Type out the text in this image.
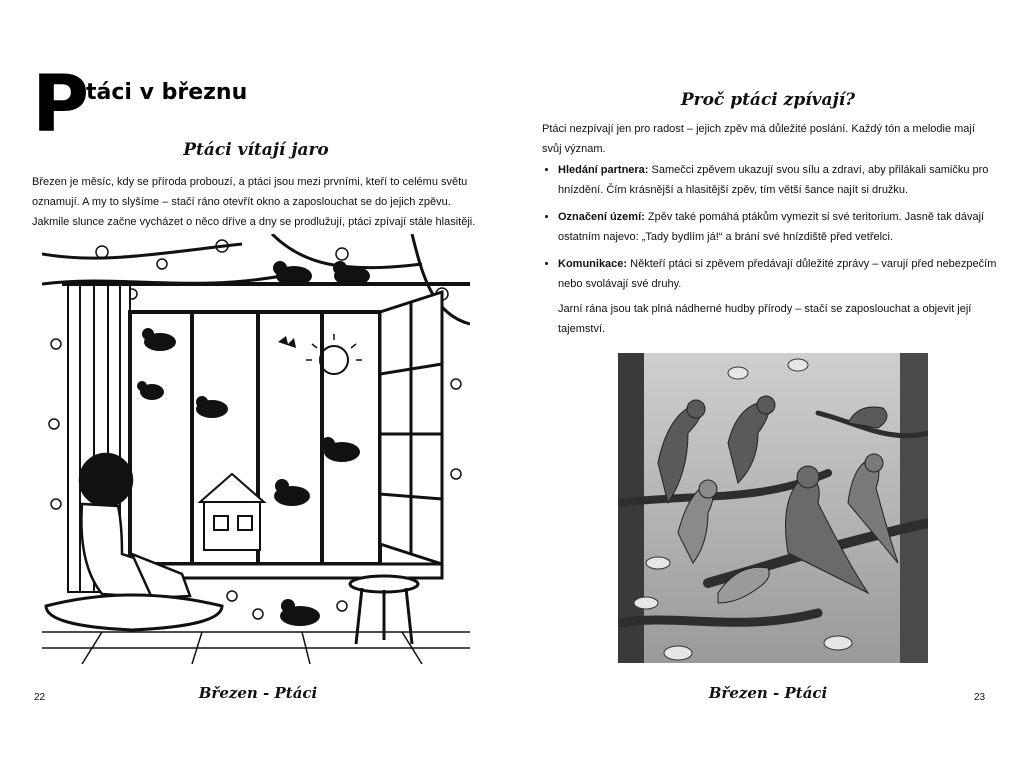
P
táci v březnu
Ptáci vítají jaro
Březen je měsíc, kdy se příroda probouzí, a ptáci jsou mezi prvními, kteří to celému světu oznamují. A my to slyšíme – stačí ráno otevřít okno a zaposlouchat se do jejich zpěvu. Jakmile slunce začne vycházet o něco dříve a dny se prodlužují, ptáci zpívají stále hlasitěji.
Březen - Ptáci
22
Proč ptáci zpívají?
Ptáci nezpívají jen pro radost – jejich zpěv má důležité poslání. Každý tón a melodie mají svůj význam.
• Hledání partnera: Samečci zpěvem ukazují svou sílu a zdraví, aby přilákali samičku pro hnízdění. Čím krásnější a hlasitější zpěv, tím větší šance najít si družku.
• Označení území: Zpěv také pomáhá ptákům vymezit si své teritorium. Jasně tak dávají ostatním najevo: „Tady bydlím já!“ a brání své hnízdiště před vetřelci.
• Komunikace: Někteří ptáci si zpěvem předávají důležité zprávy – varují před nebezpečím nebo svolávají své druhy.
Jarní rána jsou tak plná nádherné hudby přírody – stačí se zaposlouchat a objevit její tajemství.
Březen - Ptáci	23
